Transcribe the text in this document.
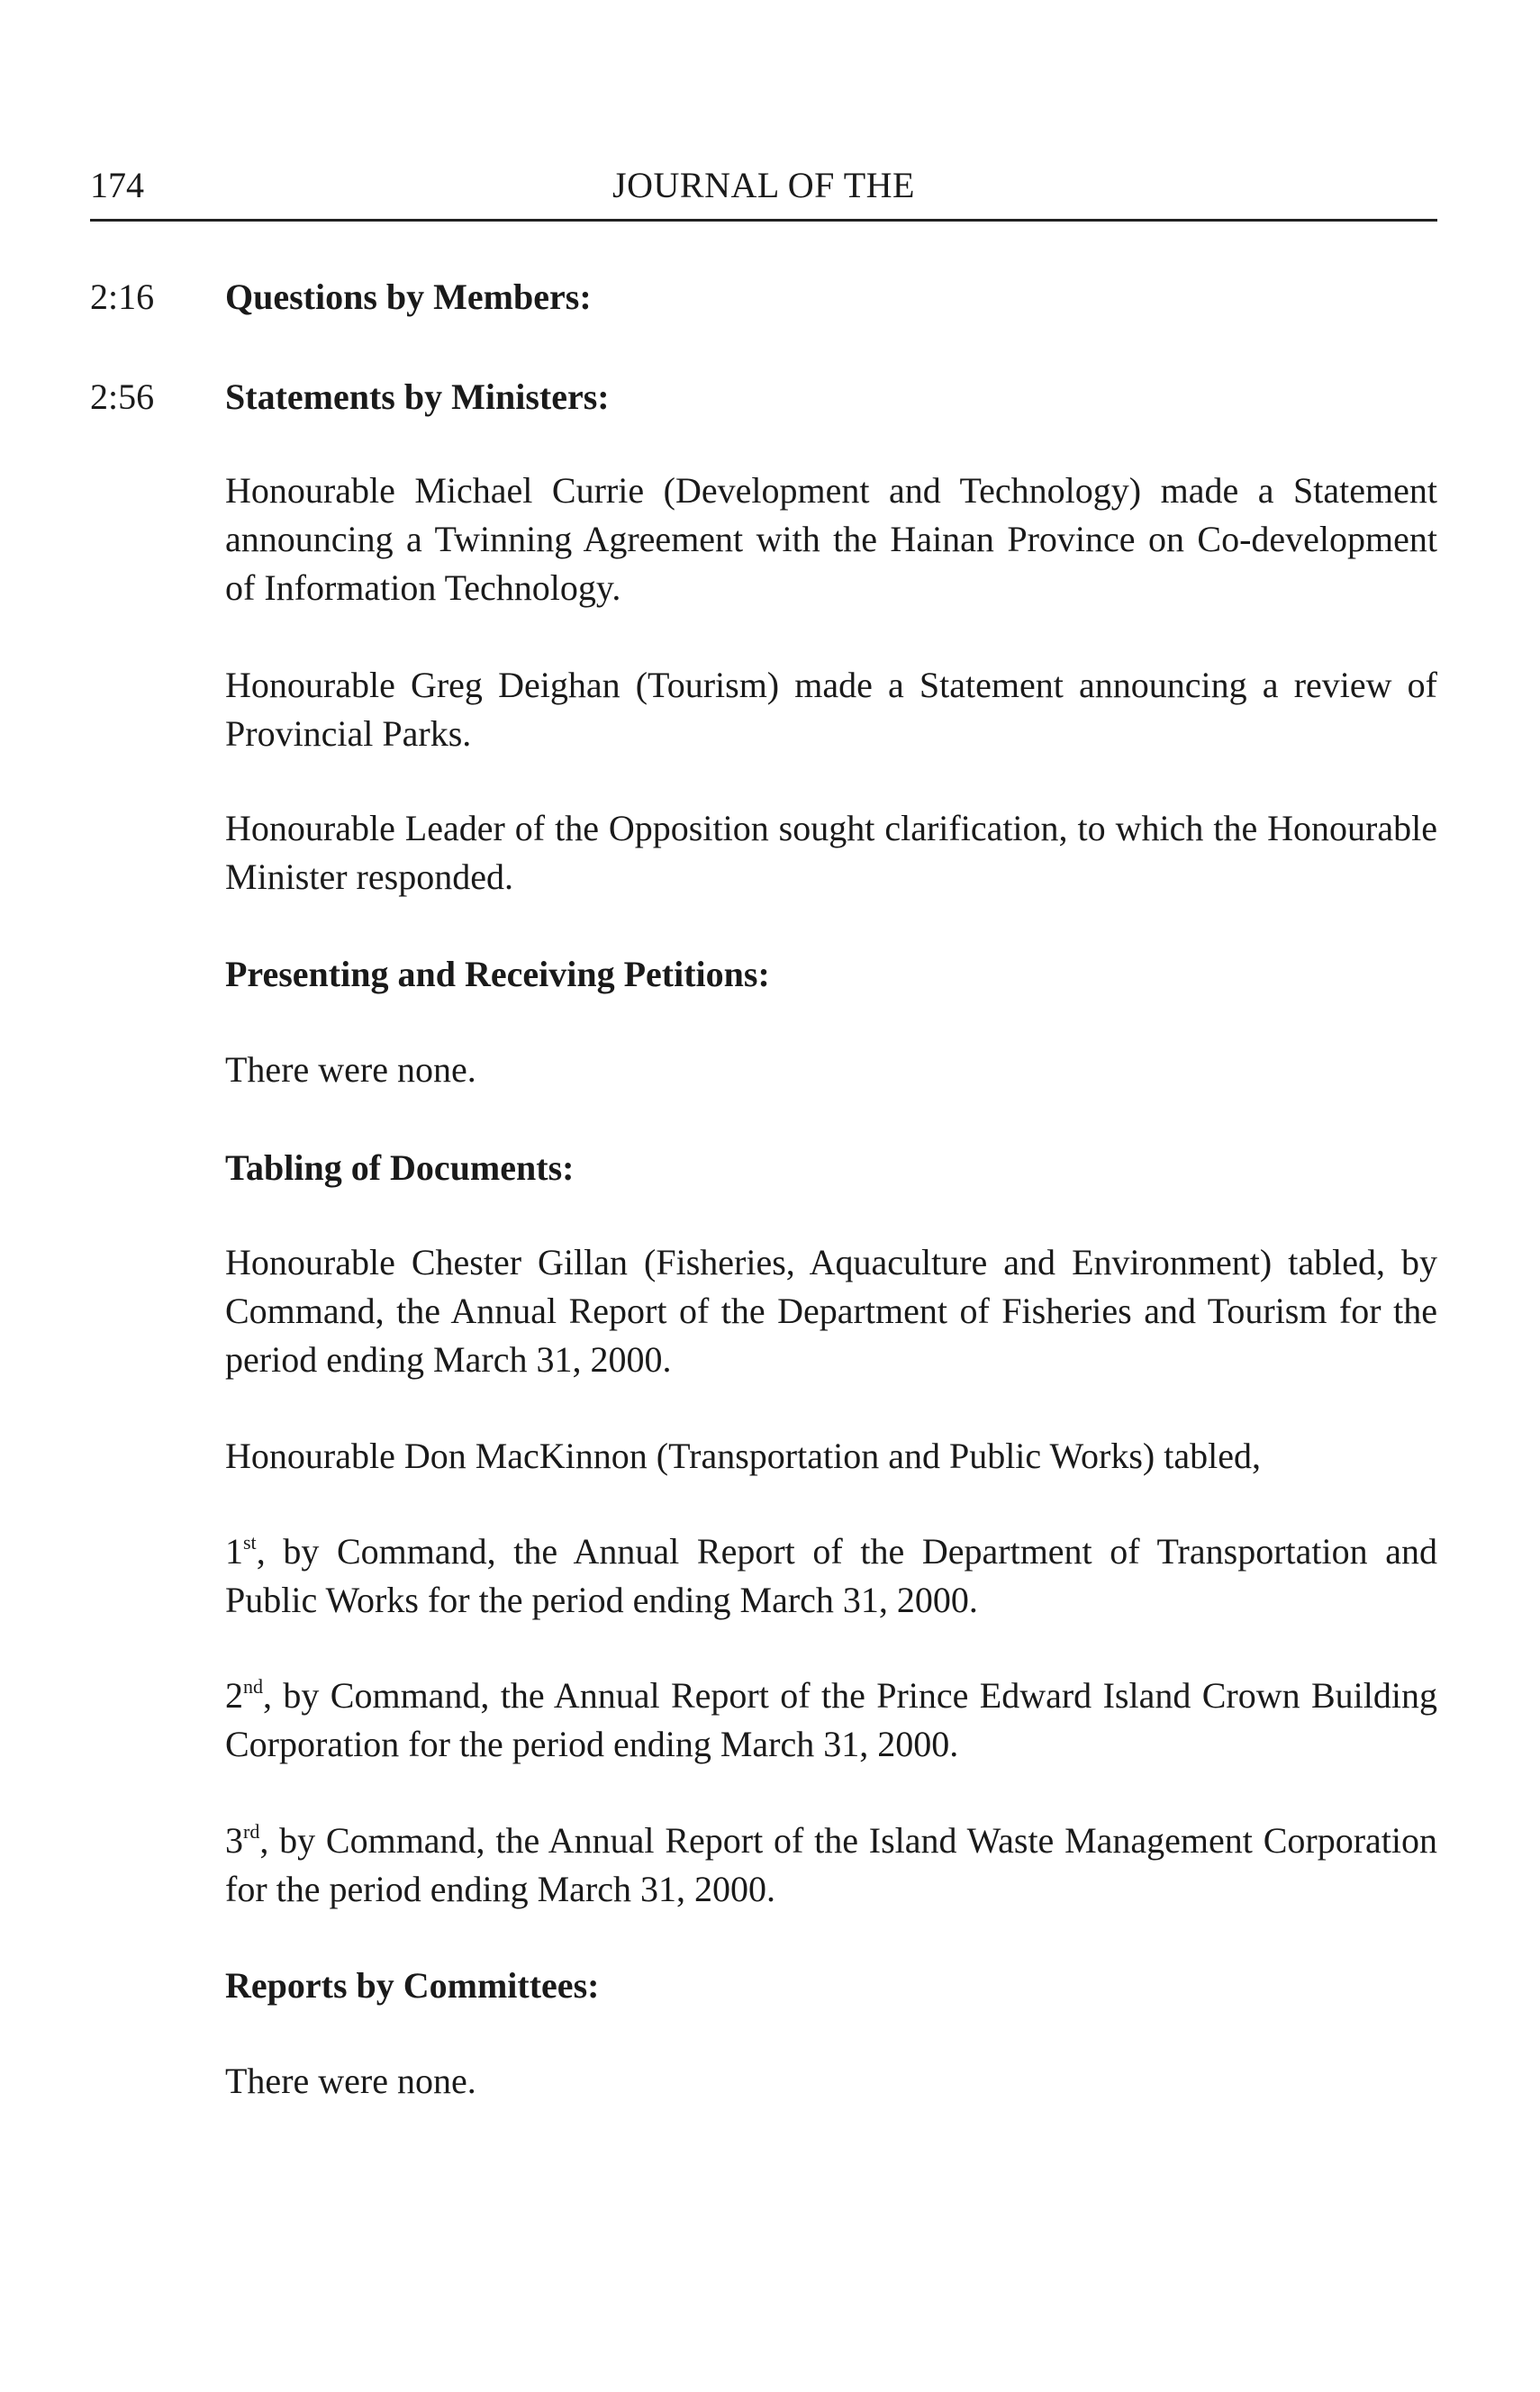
174	JOURNAL OF THE
2:16 Questions by Members:
2:56 Statements by Ministers:

Honourable Michael Currie (Development and Technology) made a Statement announcing a Twinning Agreement with the Hainan Province on Co-development of Information Technology.

Honourable Greg Deighan (Tourism) made a Statement announcing a review of Provincial Parks.

Honourable Leader of the Opposition sought clarification, to which the Honourable Minister responded.

Presenting and Receiving Petitions:

There were none.

Tabling of Documents:

Honourable Chester Gillan (Fisheries, Aquaculture and Environment) tabled, by Command, the Annual Report of the Department of Fisheries and Tourism for the period ending March 31, 2000.

Honourable Don MacKinnon (Transportation and Public Works) tabled,

1st, by Command, the Annual Report of the Department of Transportation and Public Works for the period ending March 31, 2000.

2nd, by Command, the Annual Report of the Prince Edward Island Crown Building Corporation for the period ending March 31, 2000.

3rd, by Command, the Annual Report of the Island Waste Management Corporation for the period ending March 31, 2000.

Reports by Committees:

There were none.
